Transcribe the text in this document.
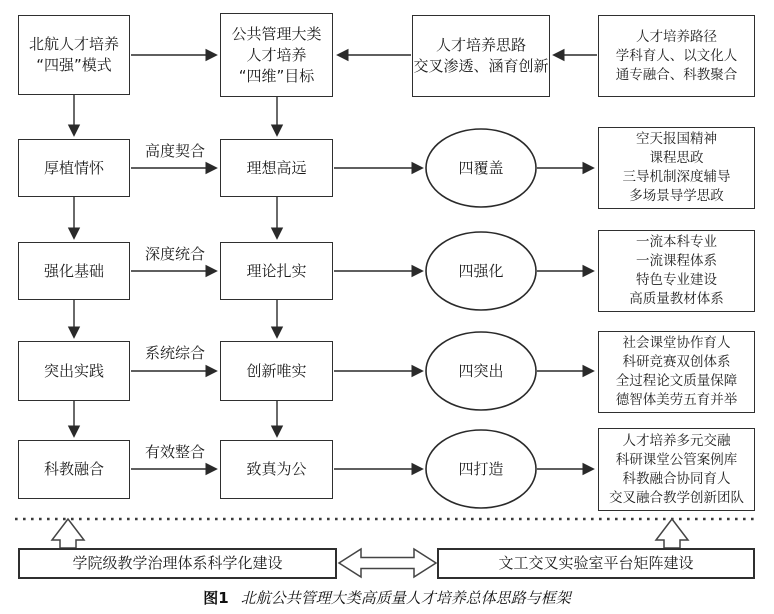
北航人才培养
“四强”模式
公共管理大类
人才培养
“四维”目标
人才培养思路
交叉渗透、涵育创新
人才培养路径
学科育人、以文化人
通专融合、科教聚合
厚植情怀
高度契合
理想高远	四覆盖
空天报国精神
课程思政
三导机制深度辅导
多场景导学思政
强化基础
深度统合
理论扎实	四强化
一流本科专业
一流课程体系
特色专业建设
高质量教材体系
突出实践
系统综合
创新唯实	四突出
社会课堂协作育人
科研竞赛双创体系
全过程论文质量保障
德智体美劳五育并举
科教融合
有效整合
致真为公	四打造
人才培养多元交融
科研课堂公管案例库
科教融合协同育人
交叉融合教学创新团队
学院级教学治理体系科学化建设	文工交叉实验室平台矩阵建设
图1 北航公共管理大类高质量人才培养总体思路与框架
